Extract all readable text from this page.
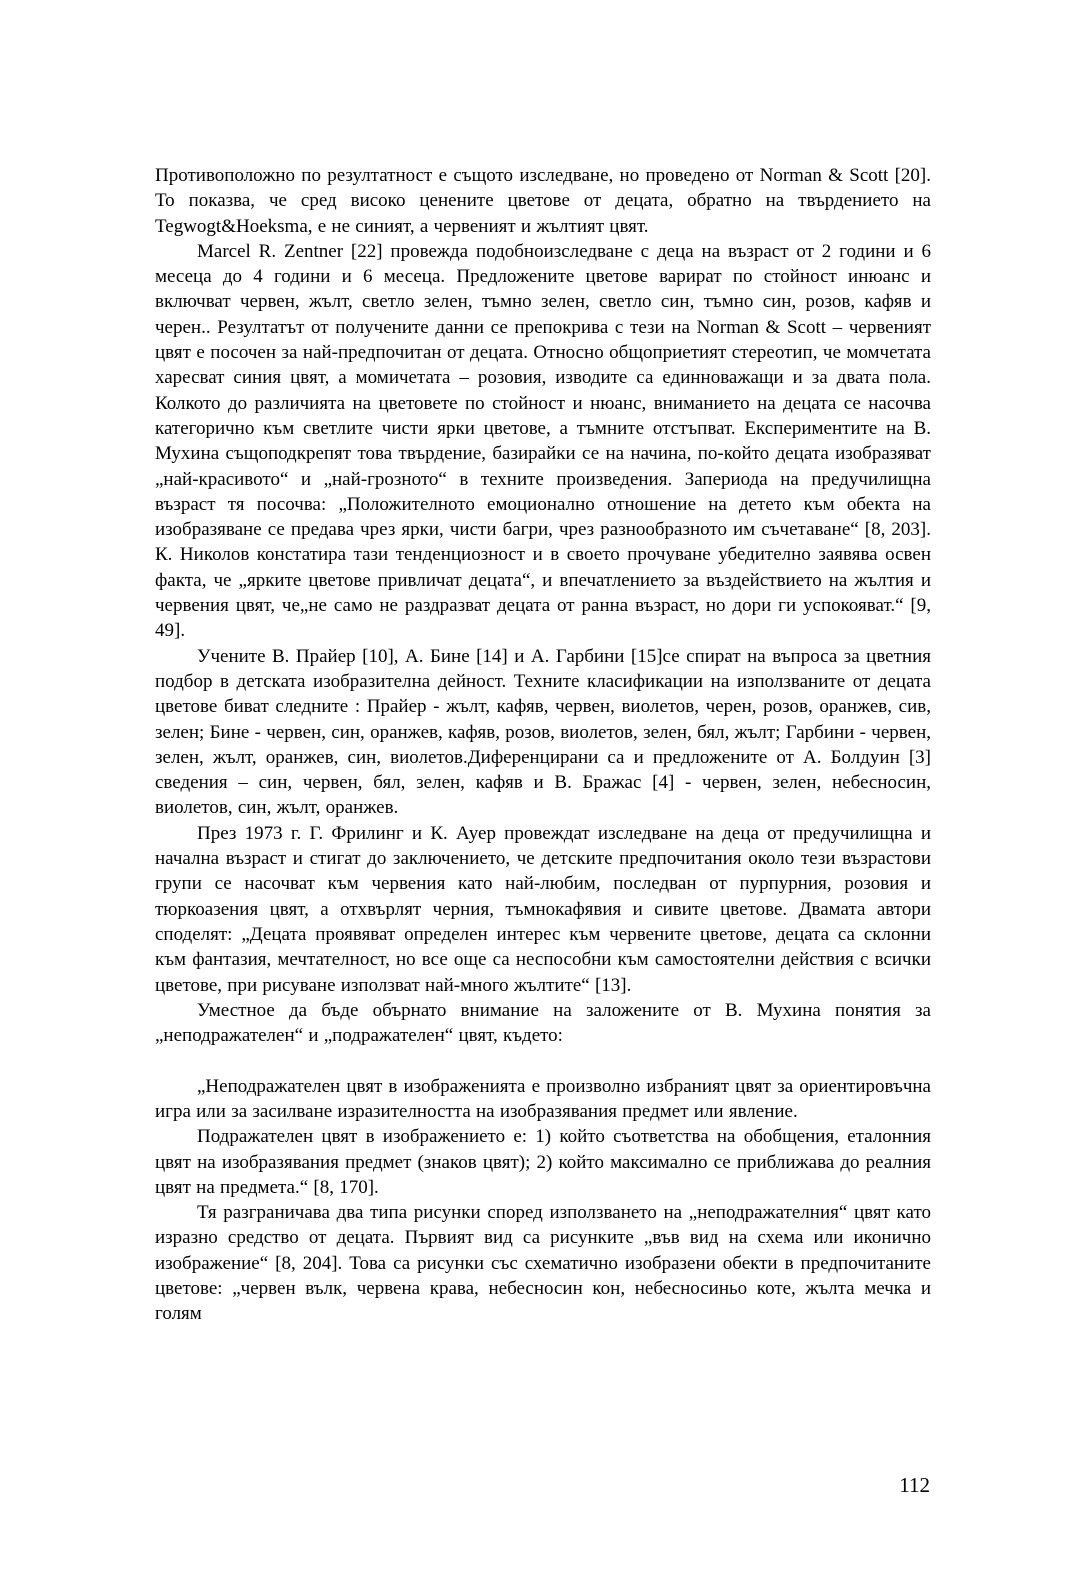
Противоположно по резултатност е същото изследване, но проведено от Norman & Scott [20]. То показва, че сред високо ценените цветове от децата, обратно на твърдението на Tegwogt&Hoeksma, е не синият, а червеният и жълтият цвят.

Marcel R. Zentner [22] провежда подобноизследване с деца на възраст от 2 години и 6 месеца до 4 години и 6 месеца. Предложените цветове варират по стойност инюанс и включват червен, жълт, светло зелен, тъмно зелен, светло син, тъмно син, розов, кафяв и черен.. Резултатът от получените данни се препокрива с тези на Norman & Scott – червеният цвят е посочен за най-предпочитан от децата. Относно общоприетият стереотип, че момчетата харесват синия цвят, а момичетата – розовия, изводите са единноважащи и за двата пола. Колкото до различията на цветовете по стойност и нюанс, вниманието на децата се насочва категорично към светлите чисти ярки цветове, а тъмните отстъпват. Експериментите на В. Мухина същоподкрепят това твърдение, базирайки се на начина, по-който децата изобразяват „най-красивото“ и „най-грозното“ в техните произведения. Запериода на предучилищна възраст тя посочва: „Положителното емоционално отношение на детето към обекта на изобразяване се предава чрез ярки, чисти багри, чрез разнообразното им съчетаване“ [8, 203]. К. Николов констатира тази тенденциозност и в своето прочуване убедително заявява освен факта, че „ярките цветове привличат децата“, и впечатлението за въздействието на жълтия и червения цвят, че„не само не раздразват децата от ранна възраст, но дори ги успокояват.“ [9, 49].

Учените В. Прайер [10], А. Бине [14] и А. Гарбини [15]се спират на въпроса за цветния подбор в детската изобразителна дейност. Техните класификации на използваните от децата цветове биват следните : Прайер - жълт, кафяв, червен, виолетов, черен, розов, оранжев, сив, зелен; Бине - червен, син, оранжев, кафяв, розов, виолетов, зелен, бял, жълт; Гарбини - червен, зелен, жълт, оранжев, син, виолетов.Диференцирани са и предложените от А. Болдуин [3] сведения – син, червен, бял, зелен, кафяв и В. Бражас [4] - червен, зелен, небесносин, виолетов, син, жълт, оранжев.

През 1973 г. Г. Фрилинг и К. Ауер провеждат изследване на деца от предучилищна и начална възраст и стигат до заключението, че детските предпочитания около тези възрастови групи се насочват към червения като най-любим, последван от пурпурния, розовия и тюркоазения цвят, а отхвърлят черния, тъмнокафявия и сивите цветове. Двамата автори споделят: „Децата проявяват определен интерес към червените цветове, децата са склонни към фантазия, мечтателност, но все още са неспособни към самостоятелни действия с всички цветове, при рисуване използват най-много жълтите“ [13].

Уместное да бъде обърнато внимание на заложените от В. Мухина понятия за „неподражателен“ и „подражателен“ цвят, където:

„Неподражателен цвят в изображенията е произволно избраният цвят за ориентировъчна игра или за засилване изразителността на изобразявания предмет или явление.

Подражателен цвят в изображението е: 1) който съответства на обобщения, еталонния цвят на изобразявания предмет (знаков цвят); 2) който максимално се приближава до реалния цвят на предмета.“ [8, 170].

Тя разграничава два типа рисунки според използването на „неподражателния“ цвят като изразно средство от децата. Първият вид са рисунките „във вид на схема или иконично изображение“ [8, 204]. Това са рисунки със схематично изобразени обекти в предпочитаните цветове: „червен вълк, червена крава, небесносин кон, небесносиньо коте, жълта мечка и голям

112
